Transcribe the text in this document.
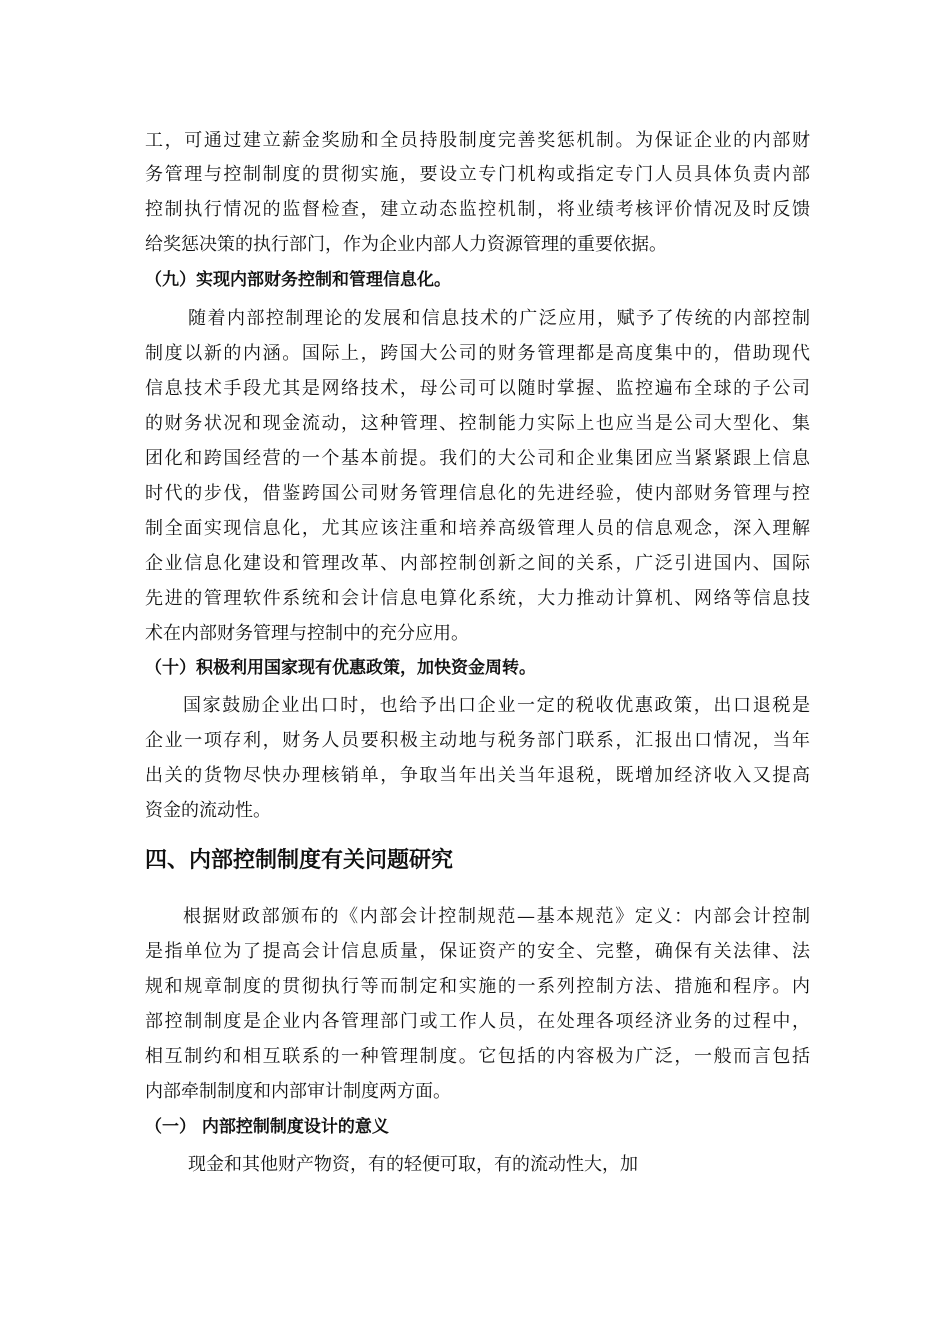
工，可通过建立薪金奖励和全员持股制度完善奖惩机制。为保证企业的内部财
务管理与控制制度的贯彻实施，要设立专门机构或指定专门人员具体负责内部
控制执行情况的监督检查，建立动态监控机制，将业绩考核评价情况及时反馈
给奖惩决策的执行部门，作为企业内部人力资源管理的重要依据。
（九）实现内部财务控制和管理信息化。
随着内部控制理论的发展和信息技术的广泛应用，赋予了传统的内部控制
制度以新的内涵。国际上，跨国大公司的财务管理都是高度集中的，借助现代
信息技术手段尤其是网络技术，母公司可以随时掌握、监控遍布全球的子公司
的财务状况和现金流动，这种管理、控制能力实际上也应当是公司大型化、集
团化和跨国经营的一个基本前提。我们的大公司和企业集团应当紧紧跟上信息
时代的步伐，借鉴跨国公司财务管理信息化的先进经验，使内部财务管理与控
制全面实现信息化，尤其应该注重和培养高级管理人员的信息观念，深入理解
企业信息化建设和管理改革、内部控制创新之间的关系，广泛引进国内、国际
先进的管理软件系统和会计信息电算化系统，大力推动计算机、网络等信息技
术在内部财务管理与控制中的充分应用。
（十）积极利用国家现有优惠政策，加快资金周转。
国家鼓励企业出口时，也给予出口企业一定的税收优惠政策，出口退税是
企业一项存利，财务人员要积极主动地与税务部门联系，汇报出口情况，当年
出关的货物尽快办理核销单，争取当年出关当年退税，既增加经济收入又提高
资金的流动性。
四、内部控制制度有关问题研究
根据财政部颁布的《内部会计控制规范—基本规范》定义：内部会计控制
是指单位为了提高会计信息质量，保证资产的安全、完整，确保有关法律、法
规和规章制度的贯彻执行等而制定和实施的一系列控制方法、措施和程序。内
部控制制度是企业内各管理部门或工作人员，在处理各项经济业务的过程中，
相互制约和相互联系的一种管理制度。它包括的内容极为广泛，一般而言包括
内部牵制制度和内部审计制度两方面。
（一） 内部控制制度设计的意义
现金和其他财产物资，有的轻便可取，有的流动性大，加
